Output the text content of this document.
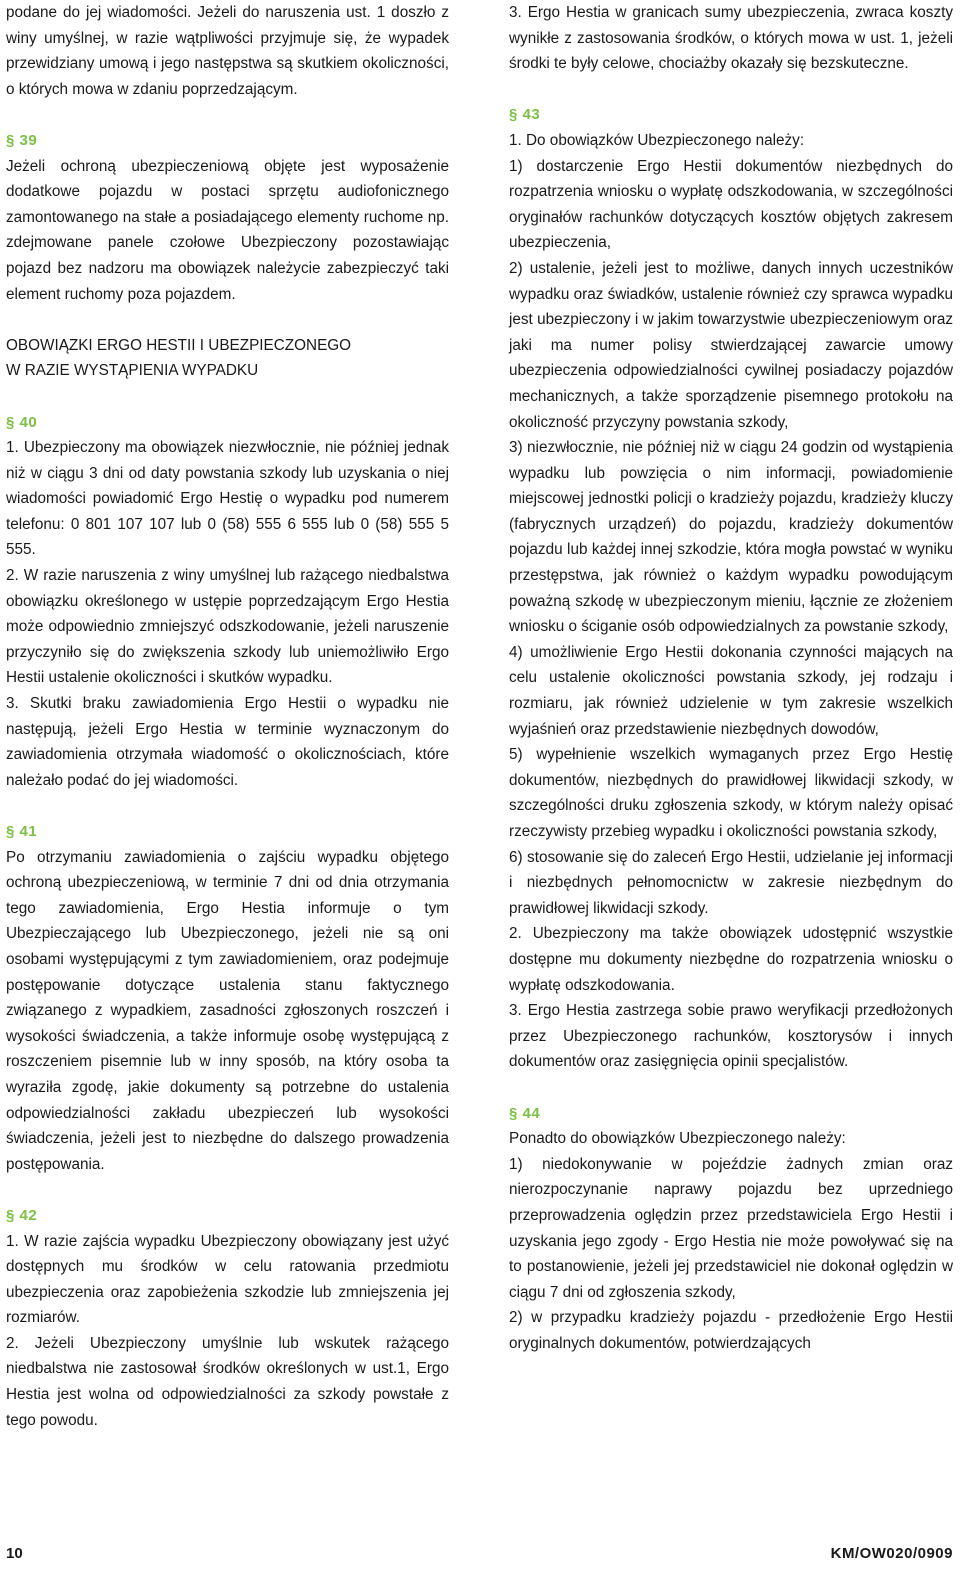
podane do jej wiadomości. Jeżeli do naruszenia ust. 1 doszło z winy umyślnej, w razie wątpliwości przyjmuje się, że wypadek przewidziany umową i jego następstwa są skutkiem okoliczności, o których mowa w zdaniu poprzedzającym.

§ 39

Jeżeli ochroną ubezpieczeniową objęte jest wyposażenie dodatkowe pojazdu w postaci sprzętu audiofonicznego zamontowanego na stałe a posiadającego elementy ruchome np. zdejmowane panele czołowe Ubezpieczony pozostawiając pojazd bez nadzoru ma obowiązek należycie zabezpieczyć taki element ruchomy poza pojazdem.

OBOWIĄZKI ERGO HESTII I UBEZPIECZONEGO

W RAZIE WYSTĄPIENIA WYPADKU

§ 40

1. Ubezpieczony ma obowiązek niezwłocznie, nie później jednak niż w ciągu 3 dni od daty powstania szkody lub uzyskania o niej wiadomości powiadomić Ergo Hestię o wypadku pod numerem telefonu: 0 801 107 107 lub 0 (58) 555 6 555 lub 0 (58) 555 5 555.

2. W razie naruszenia z winy umyślnej lub rażącego niedbalstwa obowiązku określonego w ustępie poprzedzającym Ergo Hestia może odpowiednio zmniejszyć odszkodowanie, jeżeli naruszenie przyczyniło się do zwiększenia szkody lub uniemożliwiło Ergo Hestii ustalenie okoliczności i skutków wypadku.

3. Skutki braku zawiadomienia Ergo Hestii o wypadku nie następują, jeżeli Ergo Hestia w terminie wyznaczonym do zawiadomienia otrzymała wiadomość o okolicznościach, które należało podać do jej wiadomości.

§ 41

Po otrzymaniu zawiadomienia o zajściu wypadku objętego ochroną ubezpieczeniową, w terminie 7 dni od dnia otrzymania tego zawiadomienia, Ergo Hestia informuje o tym Ubezpieczającego lub Ubezpieczonego, jeżeli nie są oni osobami występującymi z tym zawiadomieniem, oraz podejmuje postępowanie dotyczące ustalenia stanu faktycznego związanego z wypadkiem, zasadności zgłoszonych roszczeń i wysokości świadczenia, a także informuje osobę występującą z roszczeniem pisemnie lub w inny sposób, na który osoba ta wyraziła zgodę, jakie dokumenty są potrzebne do ustalenia odpowiedzialności zakładu ubezpieczeń lub wysokości świadczenia, jeżeli jest to niezbędne do dalszego prowadzenia postępowania.

§ 42

1. W razie zajścia wypadku Ubezpieczony obowiązany jest użyć dostępnych mu środków w celu ratowania przedmiotu ubezpieczenia oraz zapobieżenia szkodzie lub zmniejszenia jej rozmiarów.

2. Jeżeli Ubezpieczony umyślnie lub wskutek rażącego niedbalstwa nie zastosował środków określonych w ust.1, Ergo Hestia jest wolna od odpowiedzialności za szkody powstałe z tego powodu.

3. Ergo Hestia w granicach sumy ubezpieczenia, zwraca koszty wynikłe z zastosowania środków, o których mowa w ust. 1, jeżeli środki te były celowe, chociażby okazały się bezskuteczne.

§ 43

1. Do obowiązków Ubezpieczonego należy:

1) dostarczenie Ergo Hestii dokumentów niezbędnych do rozpatrzenia wniosku o wypłatę odszkodowania, w szczególności oryginałów rachunków dotyczących kosztów objętych zakresem ubezpieczenia,

2) ustalenie, jeżeli jest to możliwe, danych innych uczestników wypadku oraz świadków, ustalenie również czy sprawca wypadku jest ubezpieczony i w jakim towarzystwie ubezpieczeniowym oraz jaki ma numer polisy stwierdzającej zawarcie umowy ubezpieczenia odpowiedzialności cywilnej posiadaczy pojazdów mechanicznych, a także sporządzenie pisemnego protokołu na okoliczność przyczyny powstania szkody,

3) niezwłocznie, nie później niż w ciągu 24 godzin od wystąpienia wypadku lub powzięcia o nim informacji, powiadomienie miejscowej jednostki policji o kradzieży pojazdu, kradzieży kluczy (fabrycznych urządzeń) do pojazdu, kradzieży dokumentów pojazdu lub każdej innej szkodzie, która mogła powstać w wyniku przestępstwa, jak również o każdym wypadku powodującym poważną szkodę w ubezpieczonym mieniu, łącznie ze złożeniem wniosku o ściganie osób odpowiedzialnych za powstanie szkody,

4) umożliwienie Ergo Hestii dokonania czynności mających na celu ustalenie okoliczności powstania szkody, jej rodzaju i rozmiaru, jak również udzielenie w tym zakresie wszelkich wyjaśnień oraz przedstawienie niezbędnych dowodów,

5) wypełnienie wszelkich wymaganych przez Ergo Hestię dokumentów, niezbędnych do prawidłowej likwidacji szkody, w szczególności druku zgłoszenia szkody, w którym należy opisać rzeczywisty przebieg wypadku i okoliczności powstania szkody,

6) stosowanie się do zaleceń Ergo Hestii, udzielanie jej informacji i niezbędnych pełnomocnictw w zakresie niezbędnym do prawidłowej likwidacji szkody.

2. Ubezpieczony ma także obowiązek udostępnić wszystkie dostępne mu dokumenty niezbędne do rozpatrzenia wniosku o wypłatę odszkodowania.

3. Ergo Hestia zastrzega sobie prawo weryfikacji przedłożonych przez Ubezpieczonego rachunków, kosztorysów i innych dokumentów oraz zasięgnięcia opinii specjalistów.

§ 44

Ponadto do obowiązków Ubezpieczonego należy:

1) niedokonywanie w pojeździe żadnych zmian oraz nierozpoczynanie naprawy pojazdu bez uprzedniego przeprowadzenia oględzin przez przedstawiciela Ergo Hestii i uzyskania jego zgody - Ergo Hestia nie może powoływać się na to postanowienie, jeżeli jej przedstawiciel nie dokonał oględzin w ciągu 7 dni od zgłoszenia szkody,

2) w przypadku kradzieży pojazdu - przedłożenie Ergo Hestii oryginalnych dokumentów, potwierdzających

10	KM/OW020/0909
